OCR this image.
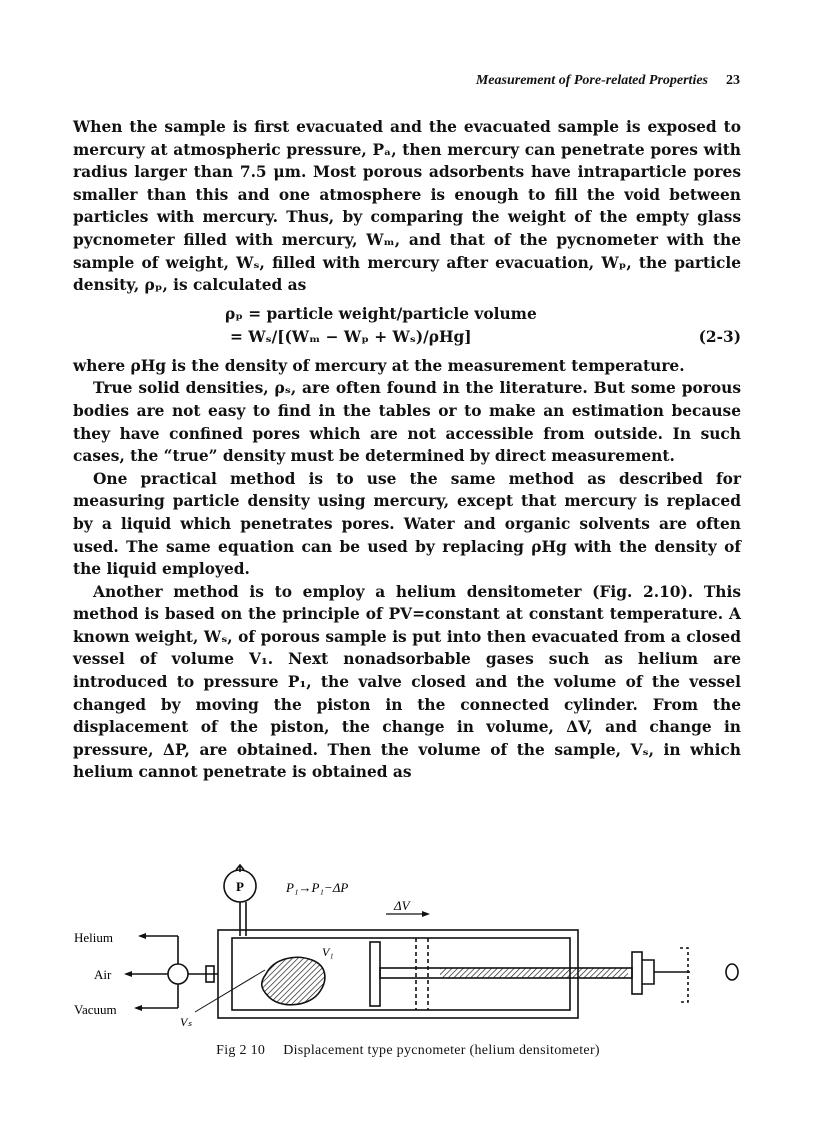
Measurement of Pore-related Properties 23

When the sample is first evacuated and the evacuated sample is exposed to mercury at atmospheric pressure, Pₐ, then mercury can penetrate pores with radius larger than 7.5 μm. Most porous adsorbents have intraparticle pores smaller than this and one atmosphere is enough to fill the void between particles with mercury. Thus, by comparing the weight of the empty glass pycnometer filled with mercury, Wₘ, and that of the pycnometer with the sample of weight, Wₛ, filled with mercury after evacuation, Wₚ, the particle density, ρₚ, is calculated as

ρₚ = particle weight/particle volume
= Wₛ/[(Wₘ − Wₚ + Wₛ)/ρHg]	(2-3)

where ρHg is the density of mercury at the measurement temperature.

True solid densities, ρₛ, are often found in the literature. But some porous bodies are not easy to find in the tables or to make an estimation because they have confined pores which are not accessible from outside. In such cases, the “true” density must be determined by direct measurement.

One practical method is to use the same method as described for measuring particle density using mercury, except that mercury is replaced by a liquid which penetrates pores. Water and organic solvents are often used. The same equation can be used by replacing ρHg with the density of the liquid employed.

Another method is to employ a helium densitometer (Fig. 2.10). This method is based on the principle of PV=constant at constant temperature. A known weight, Wₛ, of porous sample is put into then evacuated from a closed vessel of volume V₁. Next nonadsorbable gases such as helium are introduced to pressure P₁, the valve closed and the volume of the vessel changed by moving the piston in the connected cylinder. From the displacement of the piston, the change in volume, ΔV, and change in pressure, ΔP, are obtained. Then the volume of the sample, Vₛ, in which helium cannot penetrate is obtained as

P	P₁→P₁−ΔP
ΔV
Helium
Air
Vacuum
V₁
Vₛ
Fig 2 10 Displacement type pycnometer (helium densitometer)
